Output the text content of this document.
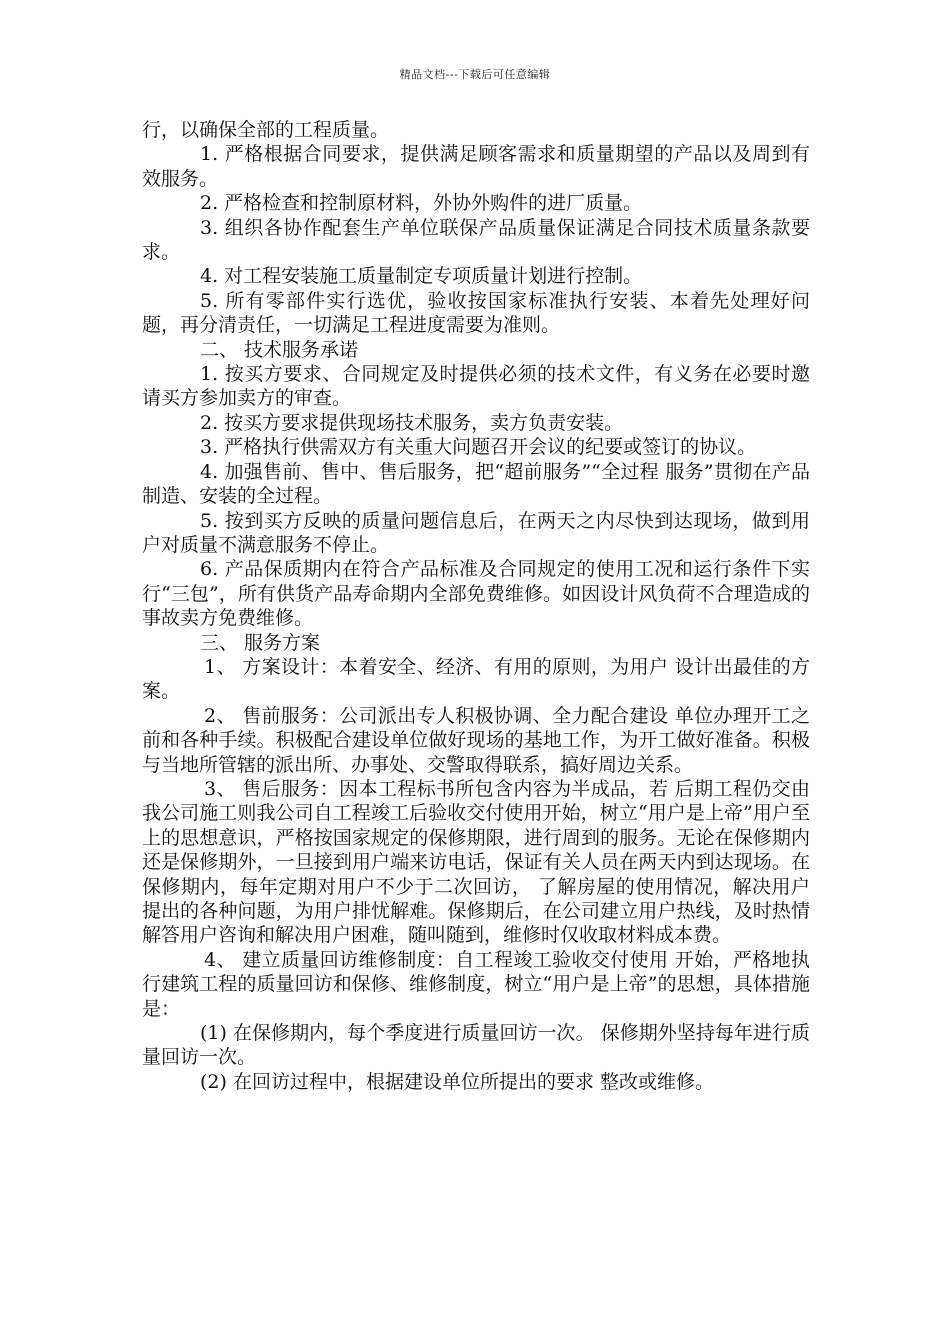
精品文档---下载后可任意编辑

行，以确保全部的工程质量。

1. 严格根据合同要求，提供满足顾客需求和质量期望的产品以及周到有效服务。

2. 严格检查和控制原材料，外协外购件的进厂质量。

3. 组织各协作配套生产单位联保产品质量保证满足合同技术质量条款要求。

4. 对工程安装施工质量制定专项质量计划进行控制。

5. 所有零部件实行选优，验收按国家标准执行安装、本着先处理好问题，再分清责任，一切满足工程进度需要为准则。

二、 技术服务承诺

1. 按买方要求、合同规定及时提供必须的技术文件，有义务在必要时邀请买方参加卖方的审查。

2. 按买方要求提供现场技术服务，卖方负责安装。

3. 严格执行供需双方有关重大问题召开会议的纪要或签订的协议。

4. 加强售前、售中、售后服务，把“超前服务”“全过程 服务”贯彻在产品制造、安装的全过程。

5. 按到买方反映的质量问题信息后，在两天之内尽快到达现场，做到用户对质量不满意服务不停止。

6. 产品保质期内在符合产品标准及合同规定的使用工况和运行条件下实行“三包”，所有供货产品寿命期内全部免费维修。如因设计风负荷不合理造成的事故卖方免费维修。

三、 服务方案

1、 方案设计：本着安全、经济、有用的原则，为用户 设计出最佳的方案。

2、 售前服务：公司派出专人积极协调、全力配合建设 单位办理开工之前和各种手续。积极配合建设单位做好现场的基地工作，为开工做好准备。积极与当地所管辖的派出所、办事处、交警取得联系，搞好周边关系。

3、 售后服务：因本工程标书所包含内容为半成品，若 后期工程仍交由我公司施工则我公司自工程竣工后验收交付使用开始，树立“用户是上帝”用户至上的思想意识，严格按国家规定的保修期限，进行周到的服务。无论在保修期内还是保修期外，一旦接到用户端来访电话，保证有关人员在两天内到达现场。在保修期内，每年定期对用户不少于二次回访， 了解房屋的使用情况，解决用户提出的各种问题，为用户排忧解难。保修期后，在公司建立用户热线，及时热情解答用户咨询和解决用户困难，随叫随到，维修时仅收取材料成本费。

4、 建立质量回访维修制度：自工程竣工验收交付使用 开始，严格地执行建筑工程的质量回访和保修、维修制度，树立“用户是上帝”的思想，具体措施是：

(1) 在保修期内，每个季度进行质量回访一次。 保修期外坚持每年进行质量回访一次。

(2) 在回访过程中，根据建设单位所提出的要求 整改或维修。
